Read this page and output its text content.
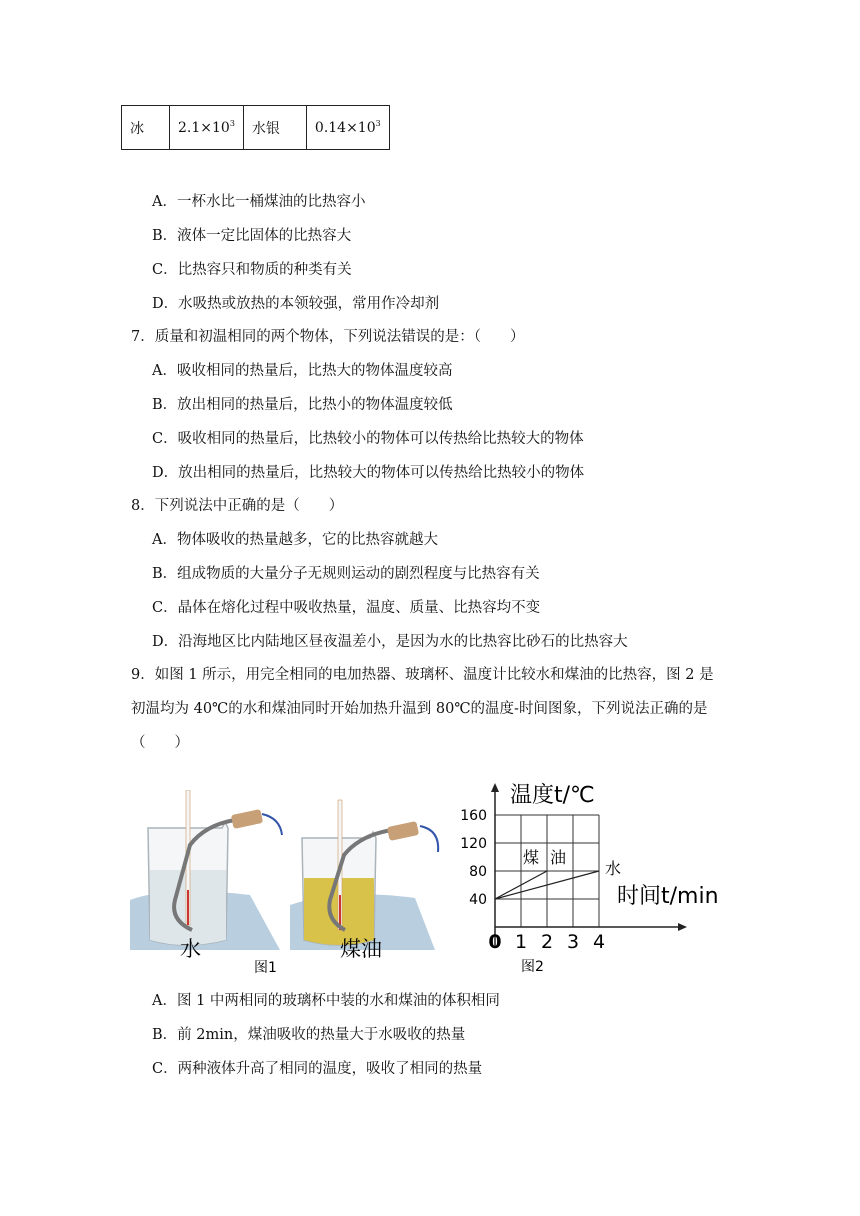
冰	$2.1\times 10^3$	水银	$0.14\times 10^3$
A．一杯水比一桶煤油的比热容小
B．液体一定比固体的比热容大
C．比热容只和物质的种类有关
D．水吸热或放热的本领较强，常用作冷却剂
7．质量和初温相同的两个物体，下列说法错误的是：（　　）
A．吸收相同的热量后，比热大的物体温度较高
B．放出相同的热量后，比热小的物体温度较低
C．吸收相同的热量后，比热较小的物体可以传热给比热较大的物体
D．放出相同的热量后，比热较大的物体可以传热给比热较小的物体
8．下列说法中正确的是（　　）
A．物体吸收的热量越多，它的比热容就越大
B．组成物质的大量分子无规则运动的剧烈程度与比热容有关
C．晶体在熔化过程中吸收热量，温度、质量、比热容均不变
D．沿海地区比内陆地区昼夜温差小，是因为水的比热容比砂石的比热容大
9．如图 1 所示，用完全相同的电加热器、玻璃杯、温度计比较水和煤油的比热容，图 2 是
初温均为 40℃的水和煤油同时开始加热升温到 80℃的温度-时间图象，下列说法正确的是
（　　）
水	煤油
图1
温度t/℃
时间t/min
40
80
120
160
0 1 2 3 4
煤 油
水
图2
A．图 1 中两相同的玻璃杯中装的水和煤油的体积相同
B．前 2min，煤油吸收的热量大于水吸收的热量
C．两种液体升高了相同的温度，吸收了相同的热量
